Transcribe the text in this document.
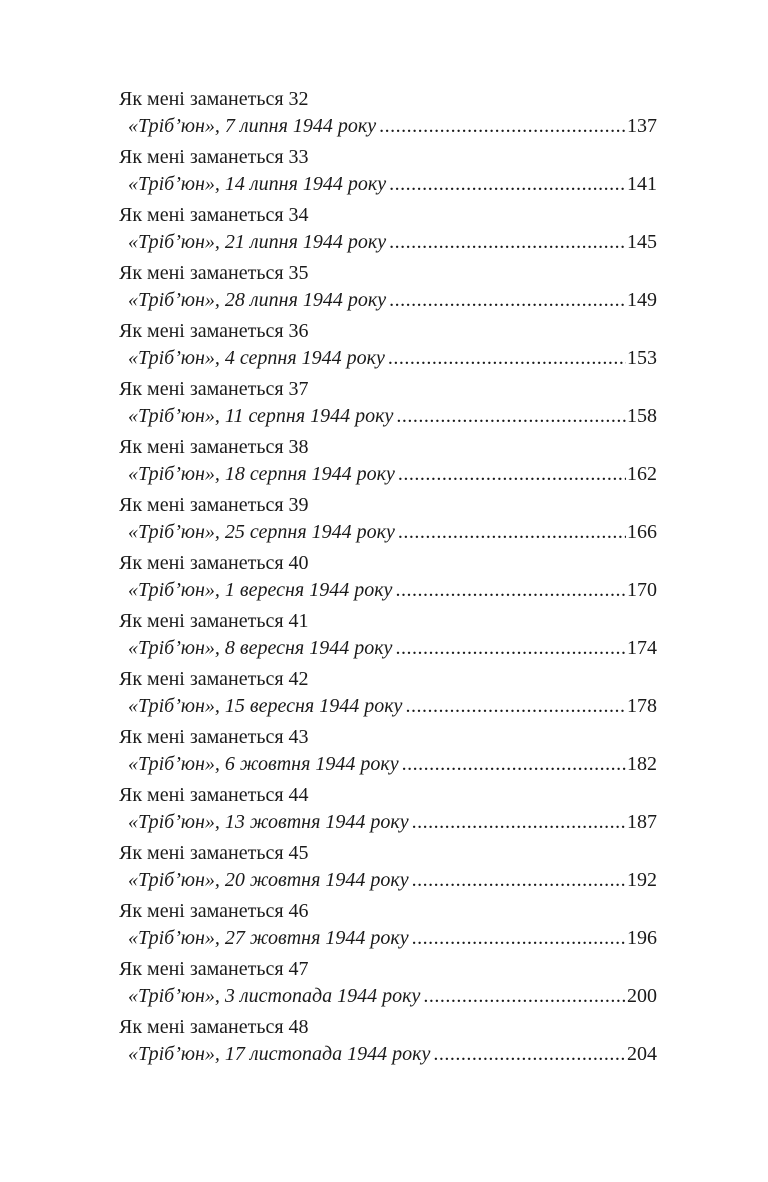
Як мені заманеться 32
«Тріб’юн», 7 липня 1944 року .....	137
Як мені заманеться 33
«Тріб’юн», 14 липня 1944 року .....	141
Як мені заманеться 34
«Тріб’юн», 21 липня 1944 року .....	145
Як мені заманеться 35
«Тріб’юн», 28 липня 1944 року .....	149
Як мені заманеться 36
«Тріб’юн», 4 серпня 1944 року .....	153
Як мені заманеться 37
«Тріб’юн», 11 серпня 1944 року .....	158
Як мені заманеться 38
«Тріб’юн», 18 серпня 1944 року .....	162
Як мені заманеться 39
«Тріб’юн», 25 серпня 1944 року .....	166
Як мені заманеться 40
«Тріб’юн», 1 вересня 1944 року .....	170
Як мені заманеться 41
«Тріб’юн», 8 вересня 1944 року .....	174
Як мені заманеться 42
«Тріб’юн», 15 вересня 1944 року .....	178
Як мені заманеться 43
«Тріб’юн», 6 жовтня 1944 року .....	182
Як мені заманеться 44
«Тріб’юн», 13 жовтня 1944 року .....	187
Як мені заманеться 45
«Тріб’юн», 20 жовтня 1944 року .....	192
Як мені заманеться 46
«Тріб’юн», 27 жовтня 1944 року .....	196
Як мені заманеться 47
«Тріб’юн», 3 листопада 1944 року .....	200
Як мені заманеться 48
«Тріб’юн», 17 листопада 1944 року .....	204
